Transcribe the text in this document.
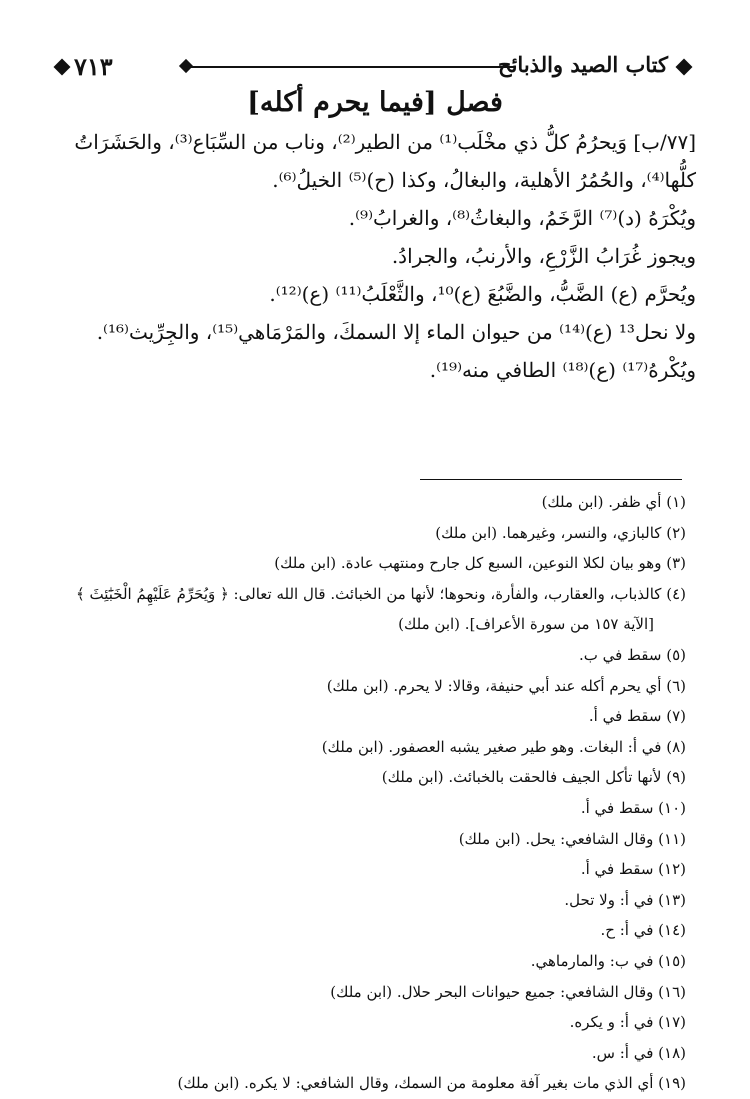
٧١٣	كتاب الصيد والذبائح
فصل [فيما يحرم أكله]
[٧٧/ب] وَيحرُمُ كلُّ ذي مخْلَب⁽¹⁾ من الطير⁽²⁾، وناب من السِّبَاع⁽³⁾، والحَشَرَاتُ
كلُّها⁽⁴⁾، والحُمُرُ الأهلية، والبغالُ، وكذا (ح)⁽⁵⁾ الخيلُ⁽⁶⁾.
ويُكْرَهُ (د)⁽⁷⁾ الرَّخَمُ، والبغاثُ⁽⁸⁾، والغرابُ⁽⁹⁾.
ويجوز غُرَابُ الزَّرْعِ، والأرنبُ، والجرادُ.
ويُحرَّم (ع) الضَّبُّ، والضَّبُعَ (ع)¹⁰، والثَّعْلَبُ⁽¹¹⁾ (ع)⁽¹²⁾.
ولا نحل¹³ (ع)⁽¹⁴⁾ من حيوان الماء إلا السمكَ، والمَرْمَاهي⁽¹⁵⁾، والجِرِّيث⁽¹⁶⁾.
ويُكْرهُ⁽¹⁷⁾ (ع)⁽¹⁸⁾ الطافي منه⁽¹⁹⁾.
(١) أي ظفر. (ابن ملك)
(٢) كالبازي، والنسر، وغيرهما. (ابن ملك)
(٣) وهو بيان لكلا النوعين، السبع كل جارح ومنتهب عادة. (ابن ملك)
(٤) كالذباب، والعقارب، والفأرة، ونحوها؛ لأنها من الخبائث. قال الله تعالى: ﴿ وَيُحَرِّمُ عَلَيْهِمُ الْخَبَٰٓئِثَ ﴾
[الآية ١٥٧ من سورة الأعراف]. (ابن ملك)
(٥) سقط في ب.
(٦) أي يحرم أكله عند أبي حنيفة، وقالا: لا يحرم. (ابن ملك)
(٧) سقط في أ.
(٨) في أ: البغات. وهو طير صغير يشبه العصفور. (ابن ملك)
(٩) لأنها تأكل الجيف فالحقت بالخبائث. (ابن ملك)
(١٠) سقط في أ.
(١١) وقال الشافعي: يحل. (ابن ملك)
(١٢) سقط في أ.
(١٣) في أ: ولا تحل.
(١٤) في أ: ح.
(١٥) في ب: والمارماهي.
(١٦) وقال الشافعي: جميع حيوانات البحر حلال. (ابن ملك)
(١٧) في أ: و يكره.
(١٨) في أ: س.
(١٩) أي الذي مات بغير آفة معلومة من السمك، وقال الشافعي: لا يكره. (ابن ملك)
